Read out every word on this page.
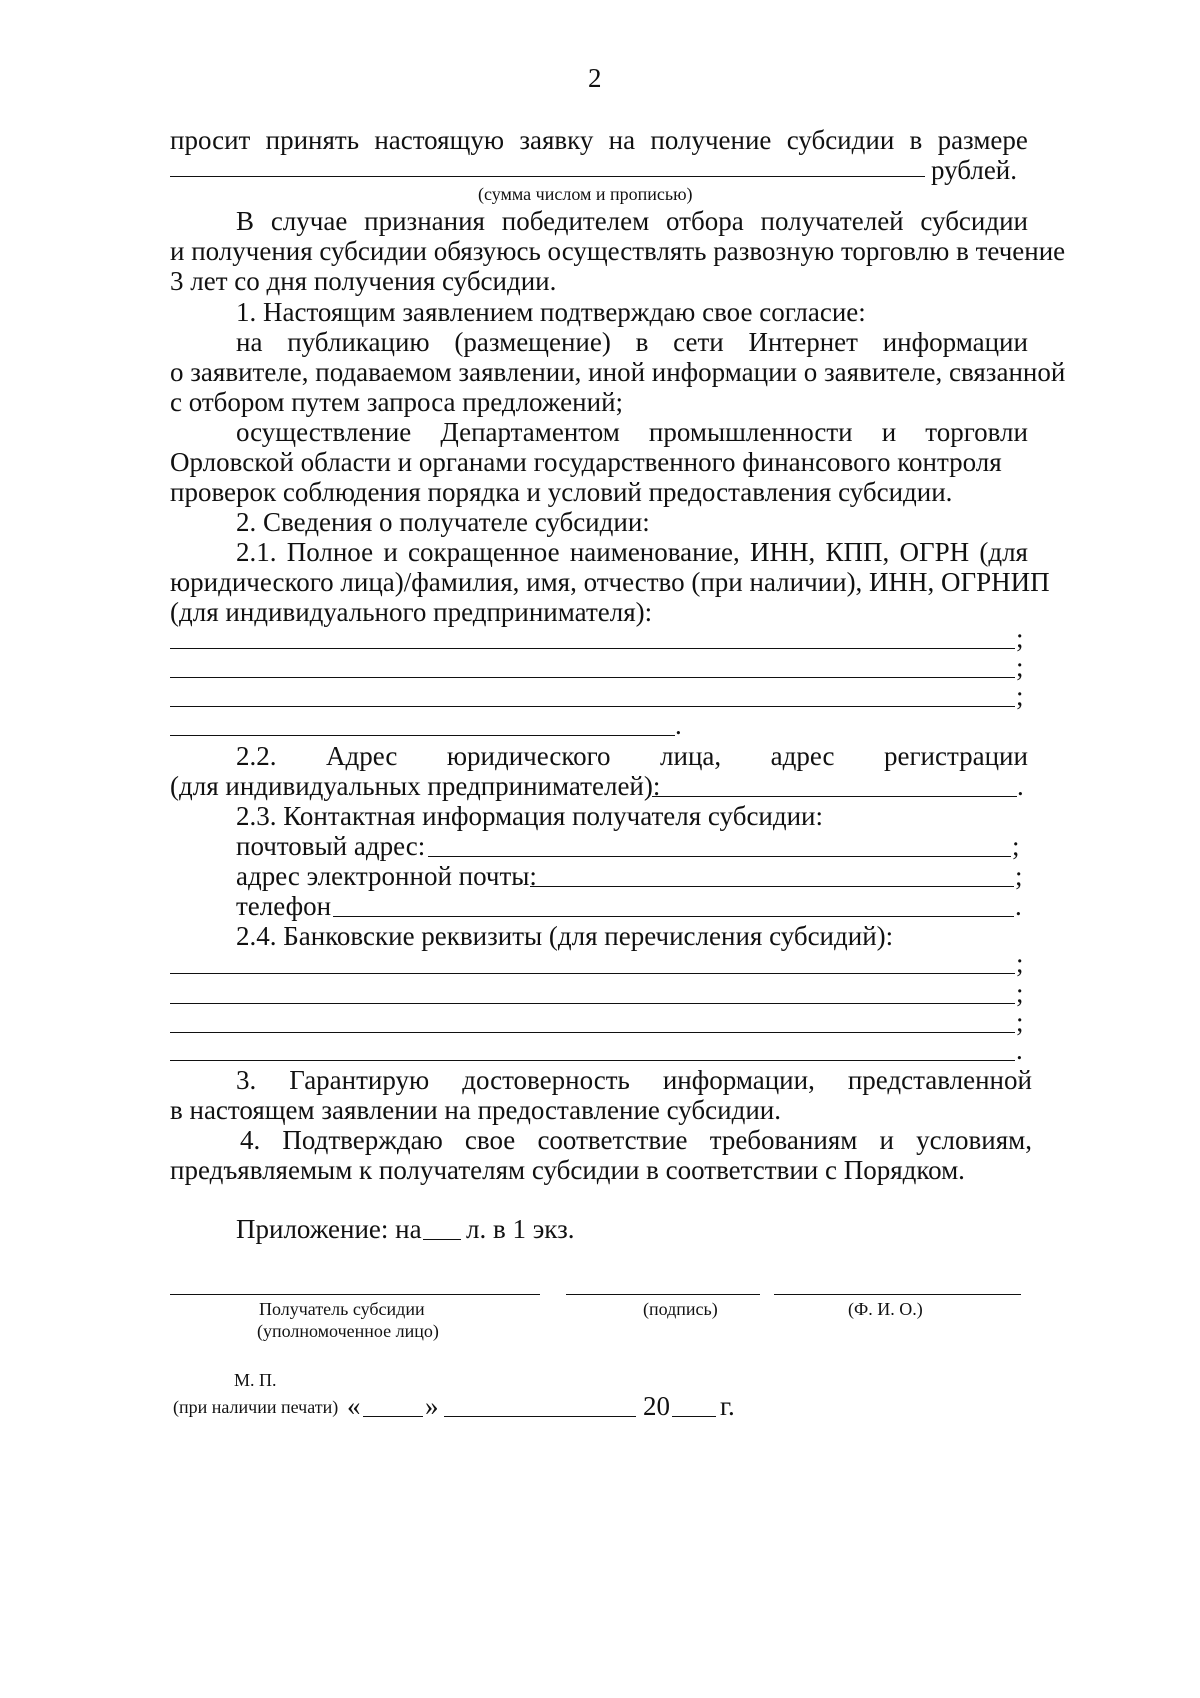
2
просит принять настоящую заявку на получение субсидии в размере
рублей.
(сумма числом и прописью)
В случае признания победителем отбора получателей субсидии
и получения субсидии обязуюсь осуществлять развозную торговлю в течение
3 лет со дня получения субсидии.
1. Настоящим заявлением подтверждаю свое согласие:
на публикацию (размещение) в сети Интернет информации
о заявителе, подаваемом заявлении, иной информации о заявителе, связанной
с отбором путем запроса предложений;
осуществление Департаментом промышленности и торговли
Орловской области и органами государственного финансового контроля
проверок соблюдения порядка и условий предоставления субсидии.
2. Сведения о получателе субсидии:
2.1. Полное и сокращенное наименование, ИНН, КПП, ОГРН (для
юридического лица)/фамилия, имя, отчество (при наличии), ИНН, ОГРНИП
(для индивидуального предпринимателя):
;
;
;
.
2.2. Адрес юридического лица, адрес регистрации
(для индивидуальных предпринимателей):	.
2.3. Контактная информация получателя субсидии:
почтовый адрес:	;
адрес электронной почты:	;
телефон	.
2.4. Банковские реквизиты (для перечисления субсидий):
;
;
;
.
3. Гарантирую достоверность информации, представленной
в настоящем заявлении на предоставление субсидии.
4. Подтверждаю свое соответствие требованиям и условиям,
предъявляемым к получателям субсидии в соответствии с Порядком.
Приложение: на л. в 1 экз.
Получатель субсидии
(уполномоченное лицо)
(подпись)	(Ф. И. О.)
М. П.
(при наличии печати) « »	20 г.
